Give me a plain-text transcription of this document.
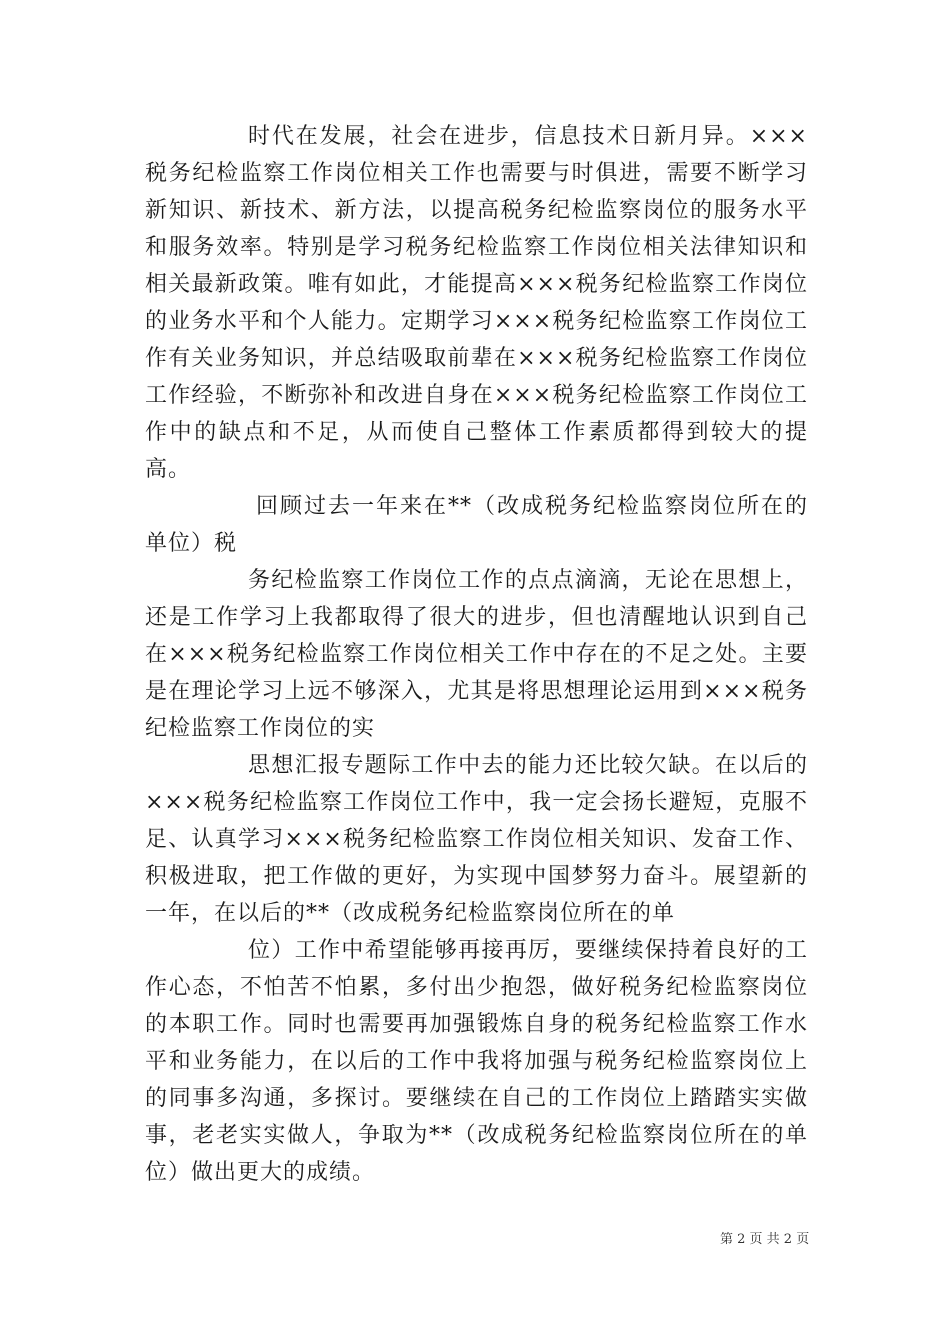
时代在发展，社会在进步，信息技术日新月异。×××税务纪检监察工作岗位相关工作也需要与时俱进，需要不断学习新知识、新技术、新方法，以提高税务纪检监察岗位的服务水平和服务效率。特别是学习税务纪检监察工作岗位相关法律知识和相关最新政策。唯有如此，才能提高×××税务纪检监察工作岗位的业务水平和个人能力。定期学习×××税务纪检监察工作岗位工作有关业务知识，并总结吸取前辈在×××税务纪检监察工作岗位工作经验，不断弥补和改进自身在×××税务纪检监察工作岗位工作中的缺点和不足，从而使自己整体工作素质都得到较大的提高。

回顾过去一年来在**（改成税务纪检监察岗位所在的单位）税

务纪检监察工作岗位工作的点点滴滴，无论在思想上，还是工作学习上我都取得了很大的进步，但也清醒地认识到自己在×××税务纪检监察工作岗位相关工作中存在的不足之处。主要是在理论学习上远不够深入，尤其是将思想理论运用到×××税务纪检监察工作岗位的实

思想汇报专题际工作中去的能力还比较欠缺。在以后的×××税务纪检监察工作岗位工作中，我一定会扬长避短，克服不足、认真学习×××税务纪检监察工作岗位相关知识、发奋工作、积极进取，把工作做的更好，为实现中国梦努力奋斗。展望新的一年，在以后的**（改成税务纪检监察岗位所在的单

位）工作中希望能够再接再厉，要继续保持着良好的工作心态，不怕苦不怕累，多付出少抱怨，做好税务纪检监察岗位的本职工作。同时也需要再加强锻炼自身的税务纪检监察工作水平和业务能力，在以后的工作中我将加强与税务纪检监察岗位上的同事多沟通，多探讨。要继续在自己的工作岗位上踏踏实实做事，老老实实做人，争取为**（改成税务纪检监察岗位所在的单位）做出更大的成绩。

第 2 页 共 2 页
